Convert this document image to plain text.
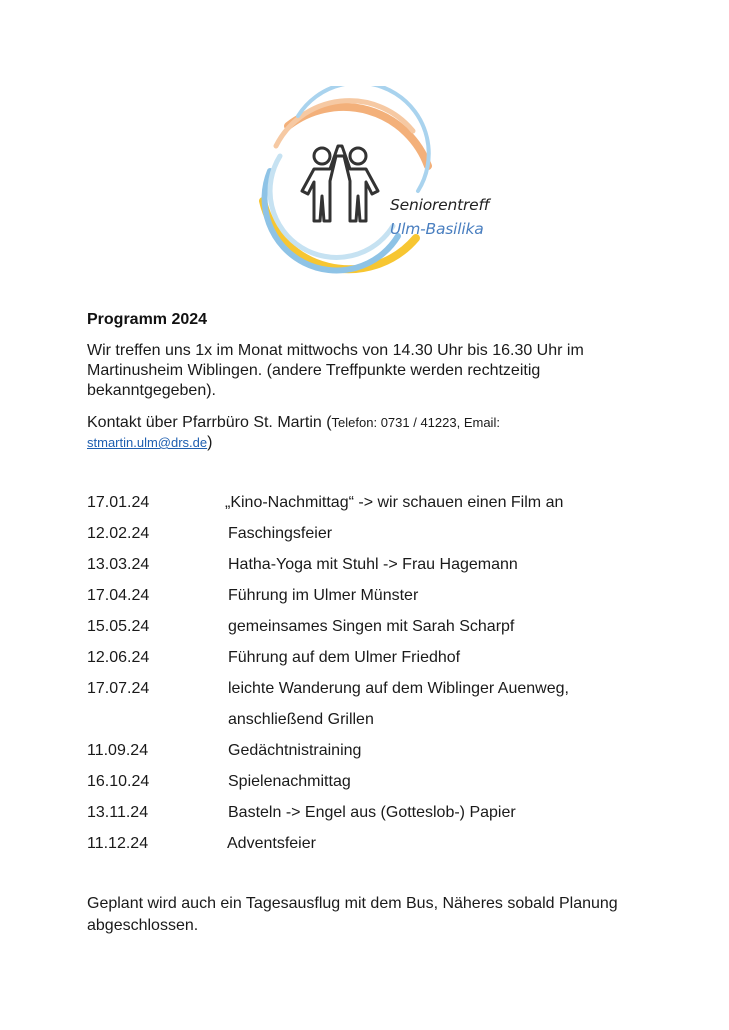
Seniorentreff
Ulm-Basilika
Programm 2024
Wir treffen uns 1x im Monat mittwochs von 14.30 Uhr bis 16.30 Uhr im Martinusheim Wiblingen. (andere Treffpunkte werden rechtzeitig bekanntgegeben).
Kontakt über Pfarrbüro St. Martin (Telefon: 0731 / 41223, Email:
stmartin.ulm@drs.de)
17.01.24	„Kino-Nachmittag“ -> wir schauen einen Film an
12.02.24	Faschingsfeier
13.03.24	Hatha-Yoga mit Stuhl -> Frau Hagemann
17.04.24	Führung im Ulmer Münster
15.05.24	gemeinsames Singen mit Sarah Scharpf
12.06.24	Führung auf dem Ulmer Friedhof
17.07.24	leichte Wanderung auf dem Wiblinger Auenweg,
anschließend Grillen
11.09.24	Gedächtnistraining
16.10.24	Spielenachmittag
13.11.24	Basteln -> Engel aus (Gotteslob-) Papier
11.12.24	Adventsfeier
Geplant wird auch ein Tagesausflug mit dem Bus, Näheres sobald Planung abgeschlossen.
